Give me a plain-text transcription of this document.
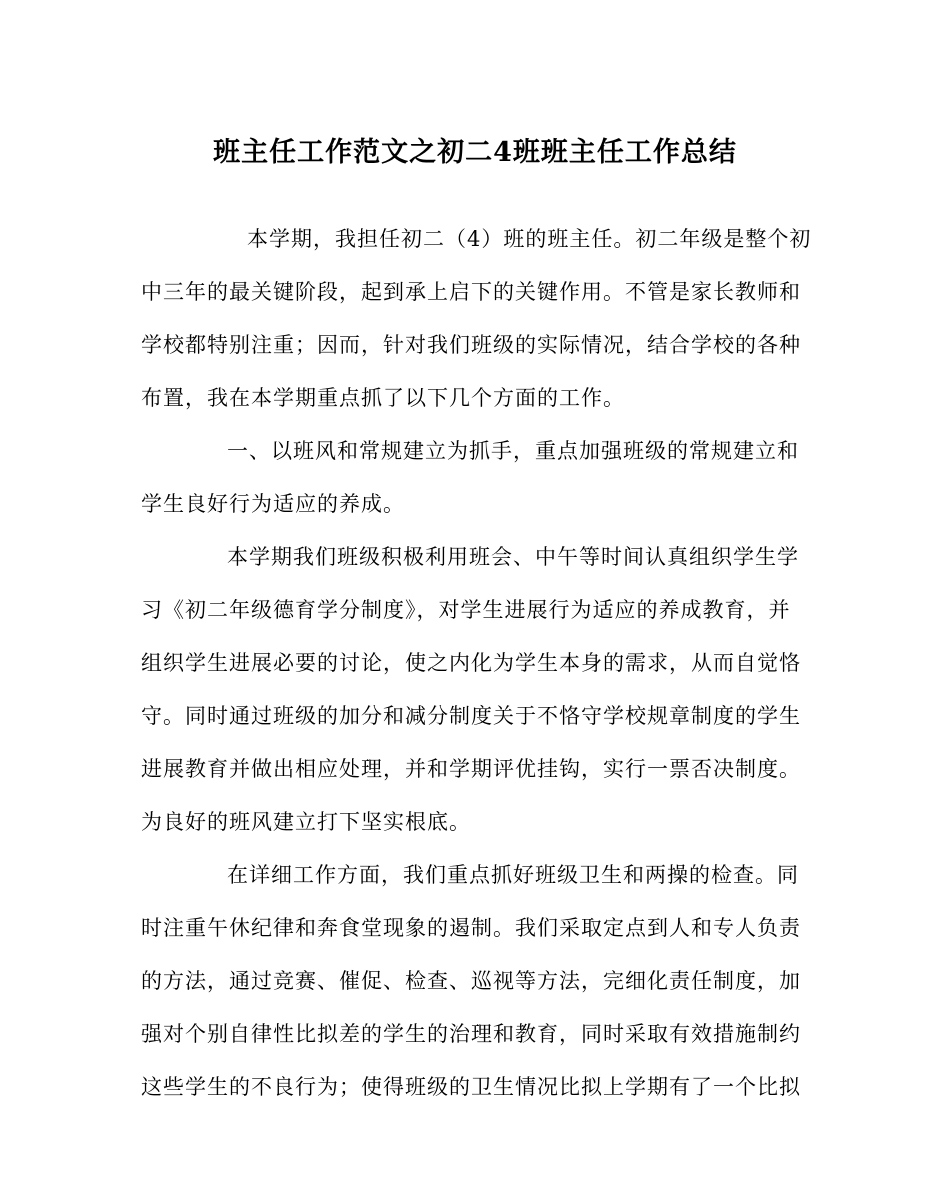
班主任工作范文之初二4班班主任工作总结
本学期，我担任初二（4）班的班主任。初二年级是整个初
中三年的最关键阶段，起到承上启下的关键作用。不管是家长教师和
学校都特别注重；因而，针对我们班级的实际情况，结合学校的各种
布置，我在本学期重点抓了以下几个方面的工作。
一、以班风和常规建立为抓手，重点加强班级的常规建立和
学生良好行为适应的养成。
本学期我们班级积极利用班会、中午等时间认真组织学生学
习《初二年级德育学分制度》，对学生进展行为适应的养成教育，并
组织学生进展必要的讨论，使之内化为学生本身的需求，从而自觉恪
守。同时通过班级的加分和减分制度关于不恪守学校规章制度的学生
进展教育并做出相应处理，并和学期评优挂钩，实行一票否决制度。
为良好的班风建立打下坚实根底。
在详细工作方面，我们重点抓好班级卫生和两操的检查。同
时注重午休纪律和奔食堂现象的遏制。我们采取定点到人和专人负责
的方法，通过竞赛、催促、检查、巡视等方法，完细化责任制度，加
强对个别自律性比拟差的学生的治理和教育，同时采取有效措施制约
这些学生的不良行为；使得班级的卫生情况比拟上学期有了一个比拟
